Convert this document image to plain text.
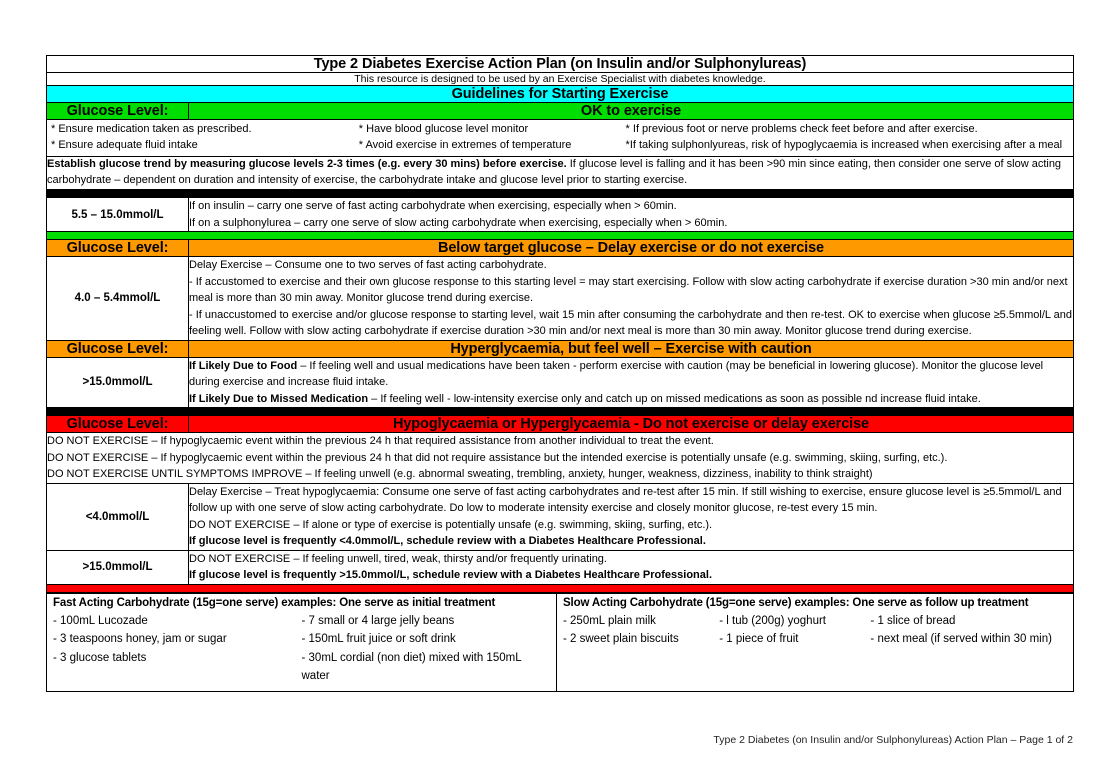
Type 2 Diabetes Exercise Action Plan (on Insulin and/or Sulphonylureas)	
This resource is designed to be used by an Exercise Specialist with diabetes knowledge.	
Guidelines for Starting Exercise	
Glucose Level:	OK to exercise

* Ensure medication taken as prescribed.
* Ensure adequate fluid intake
* Have blood glucose level monitor
* Avoid exercise in extremes of temperature
* If previous foot or nerve problems check feet before and after exercise.
*If taking sulphonlyureas, risk of hypoglycaemia is increased when exercising after a meal

Establish glucose trend by measuring glucose levels 2-3 times (e.g. every 30 mins) before exercise. If glucose level is falling and it has been >90 min since eating, then consider one serve of slow acting carbohydrate – dependent on duration and intensity of exercise, the carbohydrate intake and glucose level prior to starting exercise.	

5.5 – 15.0mmol/L	If on insulin – carry one serve of fast acting carbohydrate when exercising, especially when > 60min.
If on a sulphonylurea – carry one serve of slow acting carbohydrate when exercising, especially when > 60min.

Glucose Level:	Below target glucose – Delay exercise or do not exercise
4.0 – 5.4mmol/L	Delay Exercise – Consume one to two serves of fast acting carbohydrate.
- If accustomed to exercise and their own glucose response to this starting level = may start exercising. Follow with slow acting carbohydrate if exercise duration >30 min and/or next meal is more than 30 min away. Monitor glucose trend during exercise.
- If unaccustomed to exercise and/or glucose response to starting level, wait 15 min after consuming the carbohydrate and then re-test. OK to exercise when glucose ≥5.5mmol/L and feeling well. Follow with slow acting carbohydrate if exercise duration >30 min and/or next meal is more than 30 min away. Monitor glucose trend during exercise.

Glucose Level:	Hyperglycaemia, but feel well – Exercise with caution
>15.0mmol/L	If Likely Due to Food – If feeling well and usual medications have been taken - perform exercise with caution (may be beneficial in lowering glucose). Monitor the glucose level during exercise and increase fluid intake.
If Likely Due to Missed Medication – If feeling well - low-intensity exercise only and catch up on missed medications as soon as possible nd increase fluid intake.

Glucose Level:	Hypoglycaemia or Hyperglycaemia - Do not exercise or delay exercise

DO NOT EXERCISE – If hypoglycaemic event within the previous 24 h that required assistance from another individual to treat the event.
DO NOT EXERCISE – If hypoglycaemic event within the previous 24 h that did not require assistance but the intended exercise is potentially unsafe (e.g. swimming, skiing, surfing, etc.).
DO NOT EXERCISE UNTIL SYMPTOMS IMPROVE – If feeling unwell (e.g. abnormal sweating, trembling, anxiety, hunger, weakness, dizziness, inability to think straight)	

<4.0mmol/L	Delay Exercise – Treat hypoglycaemia: Consume one serve of fast acting carbohydrates and re-test after 15 min. If still wishing to exercise, ensure glucose level is ≥5.5mmol/L and follow up with one serve of slow acting carbohydrate. Do low to moderate intensity exercise and closely monitor glucose, re-test every 15 min.
DO NOT EXERCISE – If alone or type of exercise is potentially unsafe (e.g. swimming, skiing, surfing, etc.).
If glucose level is frequently <4.0mmol/L, schedule review with a Diabetes Healthcare Professional.

>15.0mmol/L	DO NOT EXERCISE – If feeling unwell, tired, weak, thirsty and/or frequently urinating.
If glucose level is frequently >15.0mmol/L, schedule review with a Diabetes Healthcare Professional.

Fast Acting Carbohydrate (15g=one serve) examples: One serve as initial treatment
- 100mL Lucozade	- 7 small or 4 large jelly beans
- 3 teaspoons honey, jam or sugar	- 150mL fruit juice or soft drink
- 3 glucose tablets	- 30mL cordial (non diet) mixed with 150mL water

Slow Acting Carbohydrate (15g=one serve) examples: One serve as follow up treatment
- 250mL plain milk	- l tub (200g) yoghurt	- 1 slice of bread
- 2 sweet plain biscuits	- 1 piece of fruit	- next meal (if served within 30 min)

Type 2 Diabetes (on Insulin and/or Sulphonylureas) Action Plan – Page 1 of 2
